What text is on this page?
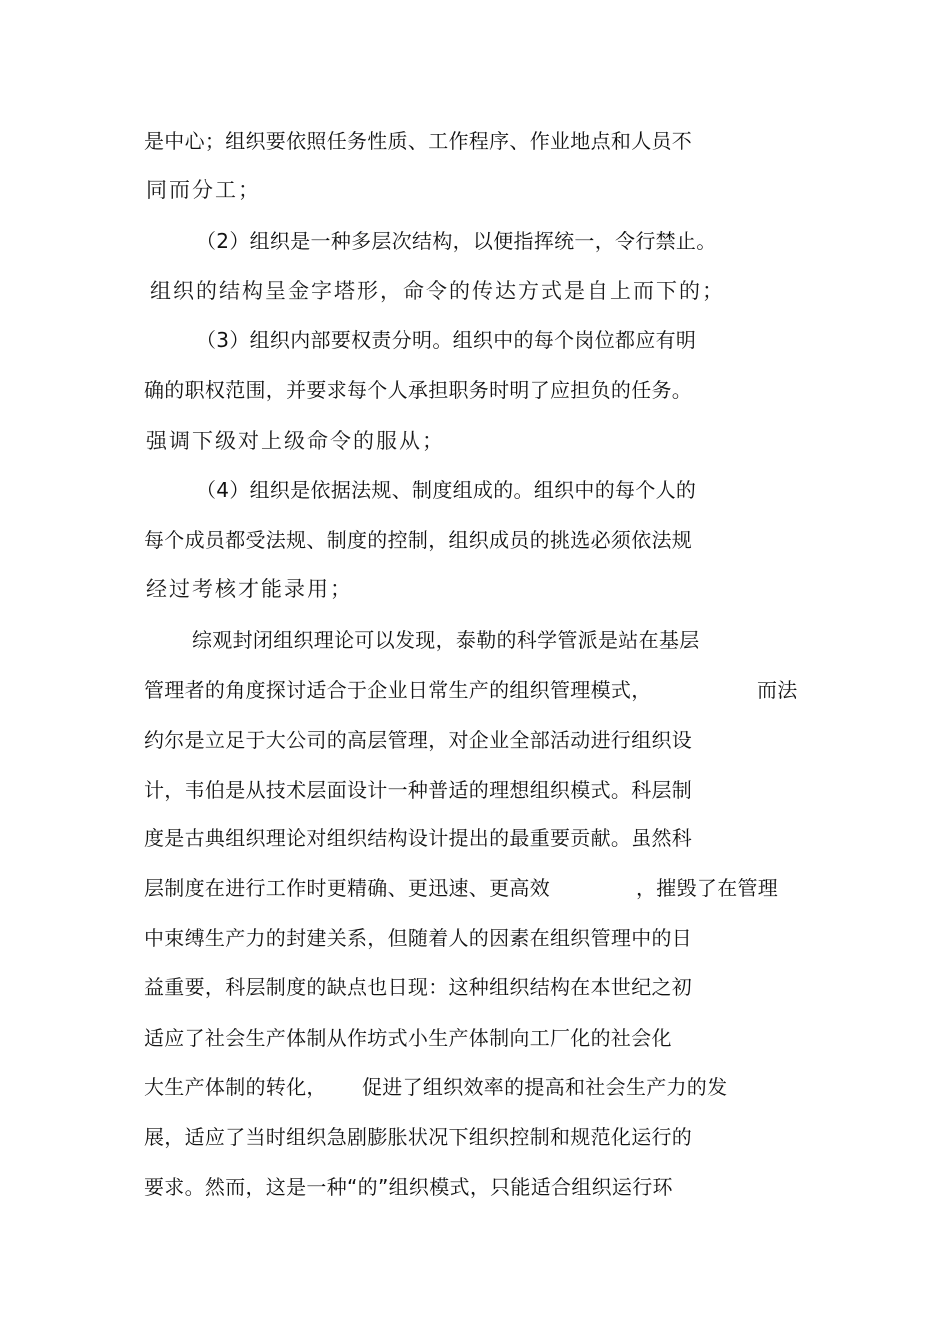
是中心；组织要依照任务性质、工作程序、作业地点和人员不
同而分工；
（2）组织是一种多层次结构，以便指挥统一，令行禁止。
组织的结构呈金字塔形，命令的传达方式是自上而下的；
（3）组织内部要权责分明。组织中的每个岗位都应有明
确的职权范围，并要求每个人承担职务时明了应担负的任务。
强调下级对上级命令的服从；
（4）组织是依据法规、制度组成的。组织中的每个人的
每个成员都受法规、制度的控制，组织成员的挑选必须依法规
经过考核才能录用；
综观封闭组织理论可以发现，泰勒的科学管派是站在基层
管理者的角度探讨适合于企业日常生产的组织管理模式，	而法
约尔是立足于大公司的高层管理，对企业全部活动进行组织设
计，韦伯是从技术层面设计一种普适的理想组织模式。科层制
度是古典组织理论对组织结构设计提出的最重要贡献。虽然科
层制度在进行工作时更精确、更迅速、更高效	，摧毁了在管理
中束缚生产力的封建关系，但随着人的因素在组织管理中的日
益重要，科层制度的缺点也日现：这种组织结构在本世纪之初
适应了社会生产体制从作坊式小生产体制向工厂化的社会化
大生产体制的转化， 促进了组织效率的提高和社会生产力的发
展，适应了当时组织急剧膨胀状况下组织控制和规范化运行的
要求。然而，这是一种“的”组织模式，只能适合组织运行环
